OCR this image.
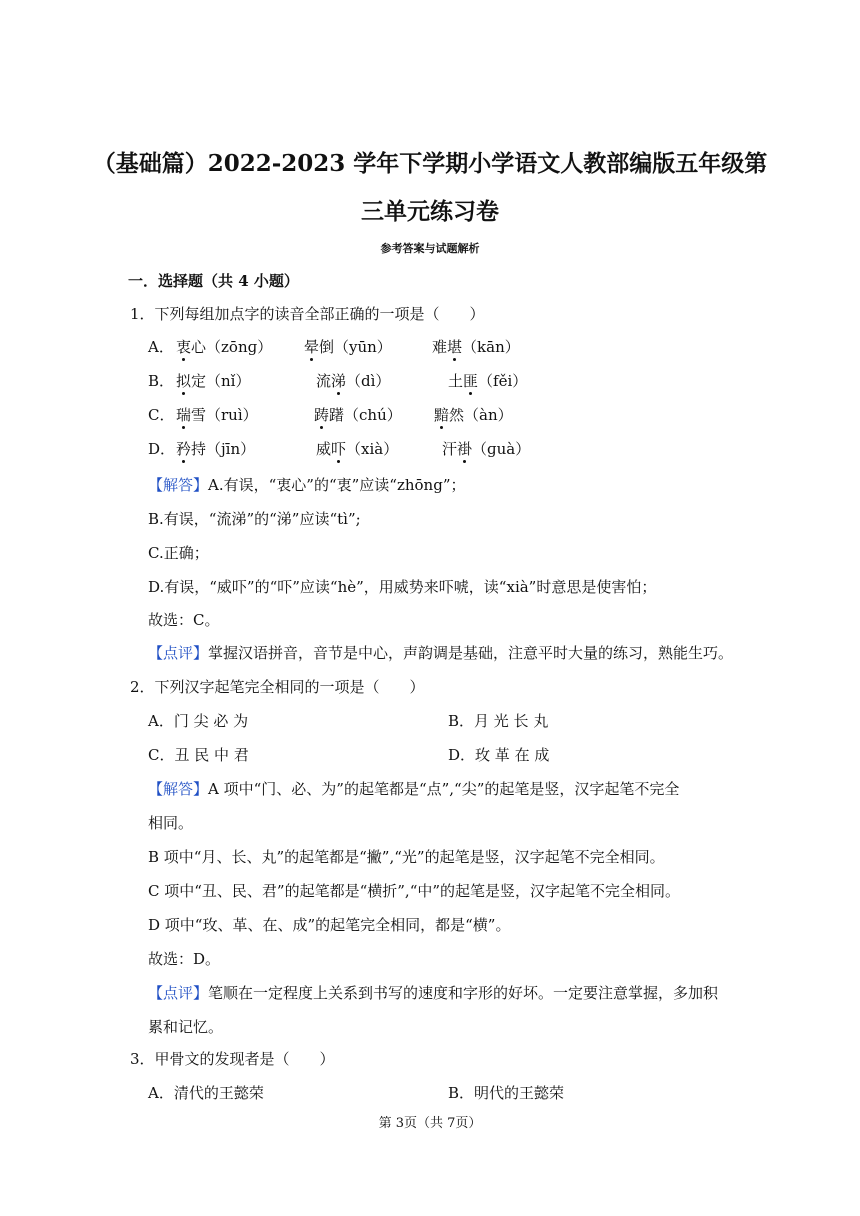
（基础篇）2022-2023 学年下学期小学语文人教部编版五年级第
三单元练习卷
参考答案与试题解析
一．选择题（共 4 小题）
1．下列每组加点字的读音全部正确的一项是（　　）
A． 衷心（zōnɡ） 晕倒（yūn）	难堪（kān）
B． 拟定（nǐ）	流涕（dì）	土匪（fěi）
C． 瑞雪（ruì）	踌躇（chú） 黯然（àn）
D． 矜持（jīn）	威吓（xià）	汗褂（ɡuà）
【解答】A.有误，“衷心”的“衷”应读“zhōng”；
B.有误，“流涕”的“涕”应读“tì”;
C.正确；
D.有误，“威吓”的“吓”应读“hè”，用威势来吓唬，读“xià”时意思是使害怕；
故选：C。
【点评】掌握汉语拼音，音节是中心，声韵调是基础，注意平时大量的练习，熟能生巧。
2．下列汉字起笔完全相同的一项是（　　）
A．门 尖 必 为	B．月 光 长 丸
C．丑 民 中 君	D．玫 革 在 成
【解答】A 项中“门、必、为”的起笔都是“点”,“尖”的起笔是竖，汉字起笔不完全
相同。
B 项中“月、长、丸”的起笔都是“撇”,“光”的起笔是竖，汉字起笔不完全相同。
C 项中“丑、民、君”的起笔都是“横折”,“中”的起笔是竖，汉字起笔不完全相同。
D 项中“玫、革、在、成”的起笔完全相同，都是“横”。
故选：D。
【点评】笔顺在一定程度上关系到书写的速度和字形的好坏。一定要注意掌握，多加积
累和记忆。
3．甲骨文的发现者是（　　）
A．清代的王懿荣	B．明代的王懿荣
第 3页（共 7页）
